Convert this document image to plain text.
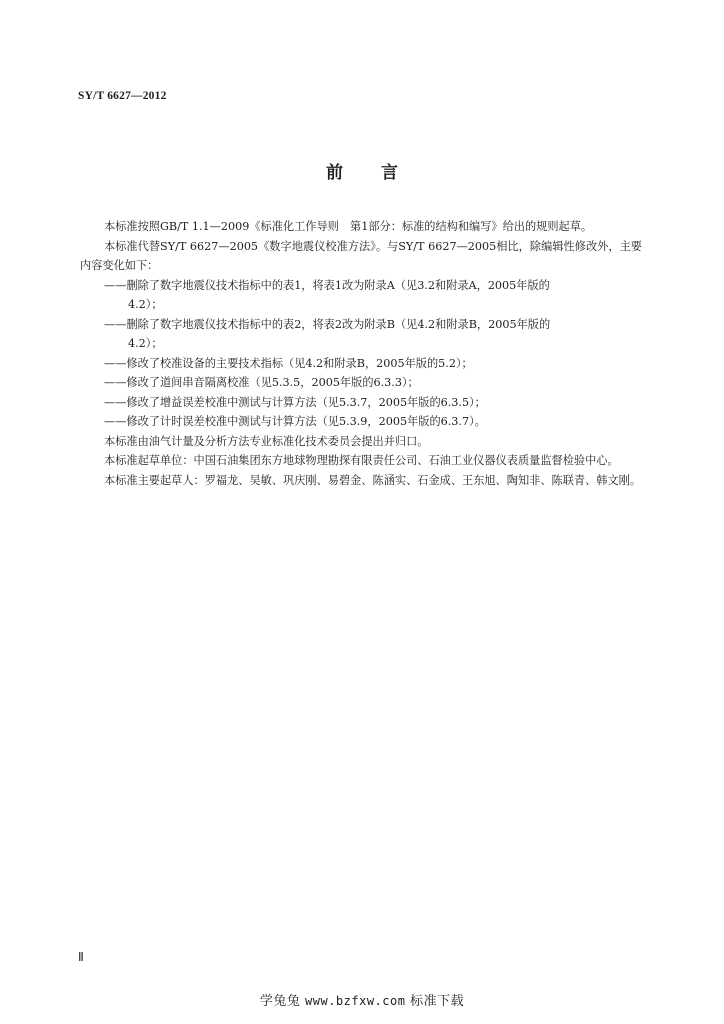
SY/T 6627—2012
前 言

本标准按照GB/T 1.1—2009《标准化工作导则　第1部分：标准的结构和编写》给出的规则起草。

本标准代替SY/T 6627—2005《数字地震仪校准方法》。与SY/T 6627—2005相比，除编辑性修改外，主要内容变化如下：

——删除了数字地震仪技术指标中的表1，将表1改为附录A（见3.2和附录A，2005年版的
4.2）；

——删除了数字地震仪技术指标中的表2，将表2改为附录B（见4.2和附录B，2005年版的
4.2）；

——修改了校准设备的主要技术指标（见4.2和附录B，2005年版的5.2）；

——修改了道间串音隔离校准（见5.3.5，2005年版的6.3.3）；

——修改了增益误差校准中测试与计算方法（见5.3.7，2005年版的6.3.5）；

——修改了计时误差校准中测试与计算方法（见5.3.9，2005年版的6.3.7）。

本标准由油气计量及分析方法专业标准化技术委员会提出并归口。

本标准起草单位：中国石油集团东方地球物理勘探有限责任公司、石油工业仪器仪表质量监督检验中心。

本标准主要起草人：罗福龙、吴敏、巩庆刚、易碧金、陈涵实、石金成、王东旭、陶知非、陈联青、韩文刚。

Ⅱ
学兔兔 www.bzfxw.com 标准下载
